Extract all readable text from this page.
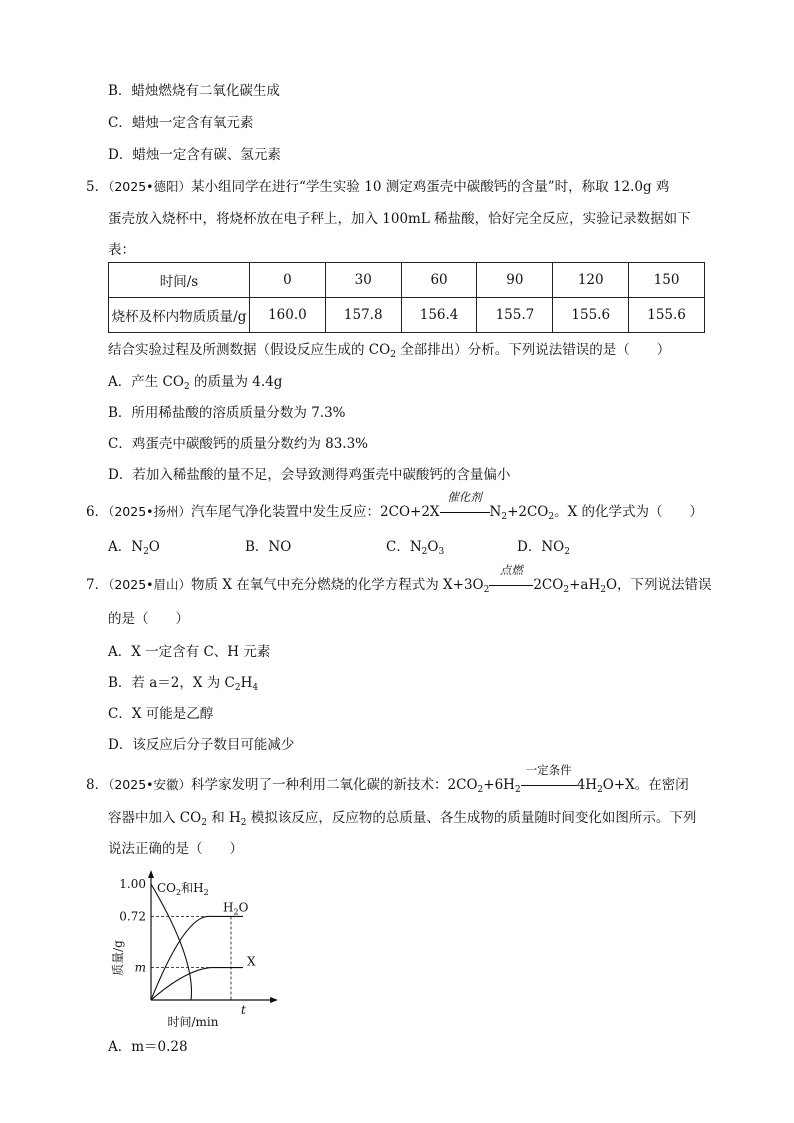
B．蜡烛燃烧有二氧化碳生成
C．蜡烛一定含有氧元素
D．蜡烛一定含有碳、氢元素
5．（2025•德阳）某小组同学在进行“学生实验 10 测定鸡蛋壳中碳酸钙的含量”时，称取 12.0g 鸡
蛋壳放入烧杯中，将烧杯放在电子秤上，加入 100mL 稀盐酸，恰好完全反应，实验记录数据如下
表：
时间/s	0	30	60	90	120	150
烧杯及杯内物质质量/g	160.0	157.8	156.4	155.7	155.6	155.6
结合实验过程及所测数据（假设反应生成的 $CO_2$ 全部排出）分析。下列说法错误的是（　　）
A．产生 $CO_2$ 的质量为 4.4g
B．所用稀盐酸的溶质质量分数为 7.3%
C．鸡蛋壳中碳酸钙的质量分数约为 83.3%
D．若加入稀盐酸的量不足，会导致测得鸡蛋壳中碳酸钙的含量偏小
6．（2025•扬州）汽车尾气净化装置中发生反应：2CO+2X
催化剂
$N_2+2CO_2$。X 的化学式为（　　）
A．$N_2O$	B．NO	C．$N_2O_3$	D．$NO_2$
7．（2025•眉山）物质 X 在氧气中充分燃烧的化学方程式为 $X+3O_2$
点燃
$2CO_2+aH_2O$，下列说法错误
的是（　　）
A．X 一定含有 C、H 元素
B．若 a＝2，X 为 $C_2H_4$
C．X 可能是乙醇
D．该反应后分子数目可能减少
8．（2025•安徽）科学家发明了一种利用二氧化碳的新技术：$2CO_2+6H_2$
一定条件
$4H_2O+X$。在密闭
容器中加入 $CO_2$ 和 $H_2$ 模拟该反应，反应物的总质量、各生成物的质量随时间变化如图所示。下列
说法正确的是（　　）
1.00
0.72
m
t
质量/g
时间/min
$CO_2$和$H_2$
$H_2O$
X
A．m＝0.28
